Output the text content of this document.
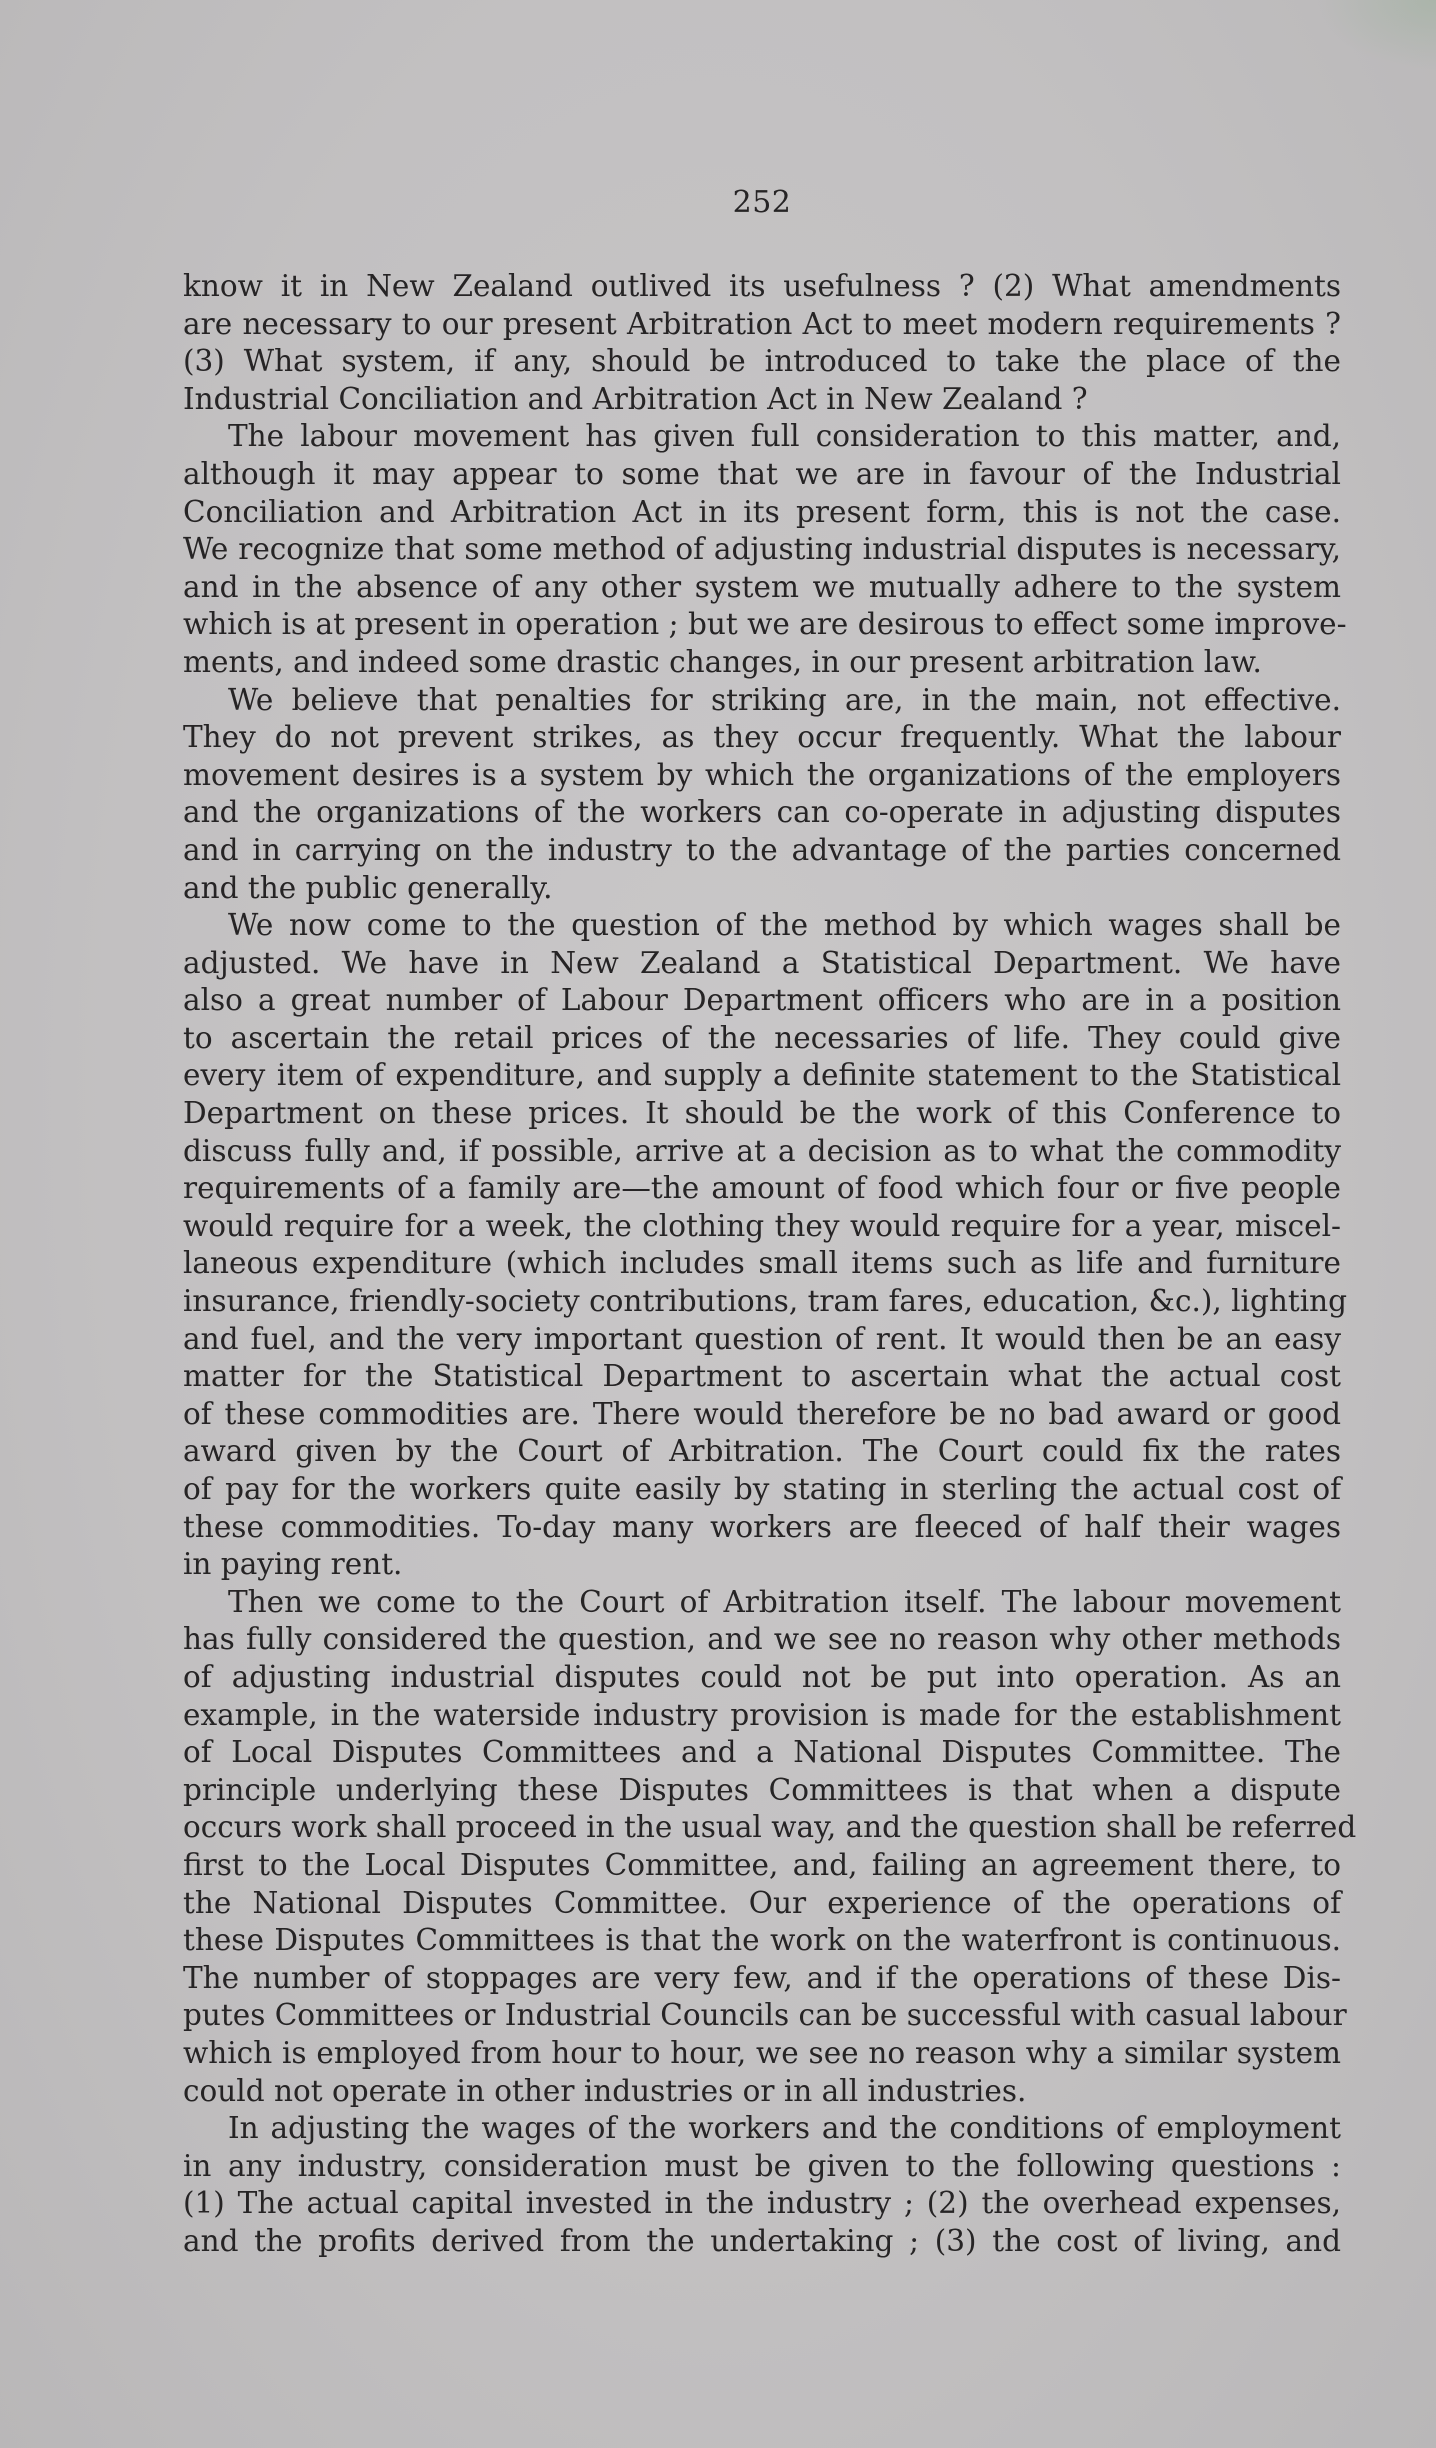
252
know it in New Zealand outlived its usefulness ? (2) What amendments
are necessary to our present Arbitration Act to meet modern requirements ?
(3) What system, if any, should be introduced to take the place of the
Industrial Conciliation and Arbitration Act in New Zealand ?
The labour movement has given full consideration to this matter, and,
although it may appear to some that we are in favour of the Industrial
Conciliation and Arbitration Act in its present form, this is not the case.
We recognize that some method of adjusting industrial disputes is necessary,
and in the absence of any other system we mutually adhere to the system
which is at present in operation ; but we are desirous to effect some improve-
ments, and indeed some drastic changes, in our present arbitration law.
We believe that penalties for striking are, in the main, not effective.
They do not prevent strikes, as they occur frequently. What the labour
movement desires is a system by which the organizations of the employers
and the organizations of the workers can co-operate in adjusting disputes
and in carrying on the industry to the advantage of the parties concerned
and the public generally.
We now come to the question of the method by which wages shall be
adjusted. We have in New Zealand a Statistical Department. We have
also a great number of Labour Department officers who are in a position
to ascertain the retail prices of the necessaries of life. They could give
every item of expenditure, and supply a definite statement to the Statistical
Department on these prices. It should be the work of this Conference to
discuss fully and, if possible, arrive at a decision as to what the commodity
requirements of a family are—the amount of food which four or five people
would require for a week, the clothing they would require for a year, miscel-
laneous expenditure (which includes small items such as life and furniture
insurance, friendly-society contributions, tram fares, education, &c.), lighting
and fuel, and the very important question of rent. It would then be an easy
matter for the Statistical Department to ascertain what the actual cost
of these commodities are. There would therefore be no bad award or good
award given by the Court of Arbitration. The Court could fix the rates
of pay for the workers quite easily by stating in sterling the actual cost of
these commodities. To-day many workers are fleeced of half their wages
in paying rent.
Then we come to the Court of Arbitration itself. The labour movement
has fully considered the question, and we see no reason why other methods
of adjusting industrial disputes could not be put into operation. As an
example, in the waterside industry provision is made for the establishment
of Local Disputes Committees and a National Disputes Committee. The
principle underlying these Disputes Committees is that when a dispute
occurs work shall proceed in the usual way, and the question shall be referred
first to the Local Disputes Committee, and, failing an agreement there, to
the National Disputes Committee. Our experience of the operations of
these Disputes Committees is that the work on the waterfront is continuous.
The number of stoppages are very few, and if the operations of these Dis-
putes Committees or Industrial Councils can be successful with casual labour
which is employed from hour to hour, we see no reason why a similar system
could not operate in other industries or in all industries.
In adjusting the wages of the workers and the conditions of employment
in any industry, consideration must be given to the following questions :
(1) The actual capital invested in the industry ; (2) the overhead expenses,
and the profits derived from the undertaking ; (3) the cost of living, and
